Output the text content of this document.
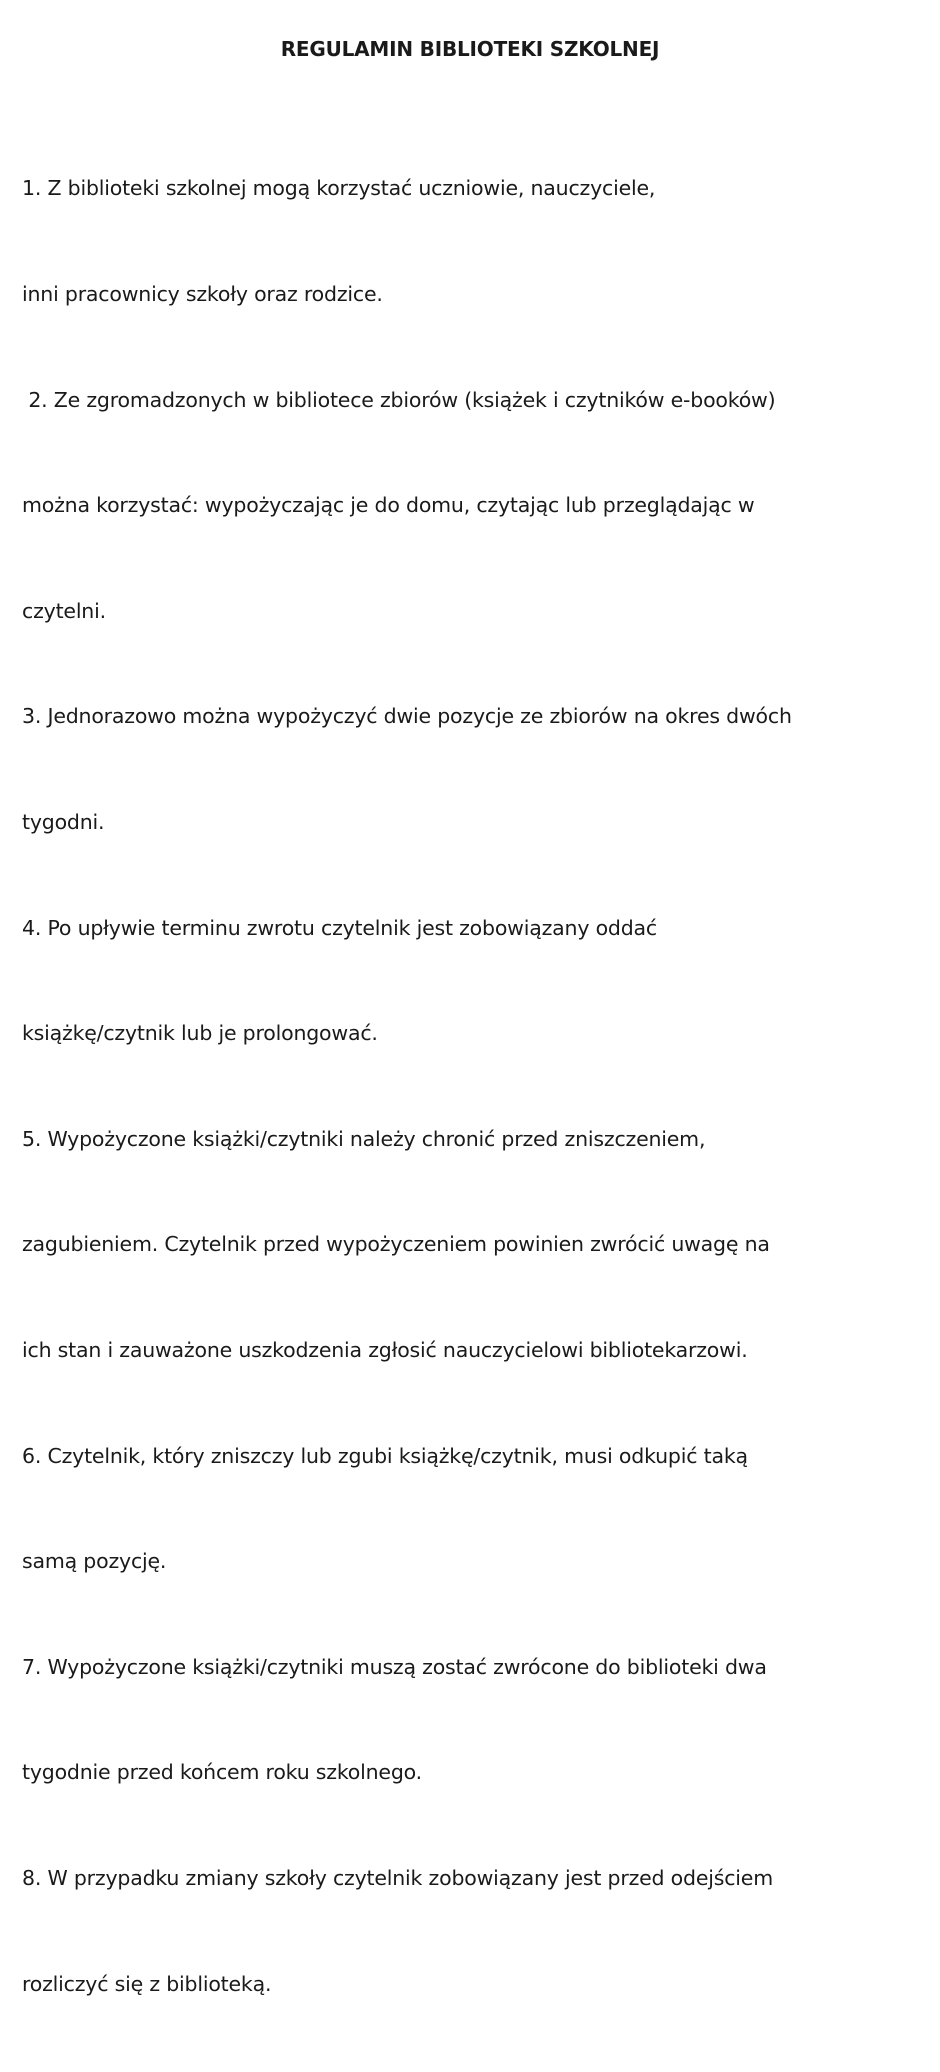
REGULAMIN BIBLIOTEKI SZKOLNEJ

1. Z biblioteki szkolnej mogą korzystać uczniowie, nauczyciele,

inni pracownicy szkoły oraz rodzice.

2. Ze zgromadzonych w bibliotece zbiorów (książek i czytników e-booków)

można korzystać: wypożyczając je do domu, czytając lub przeglądając w

czytelni.

3. Jednorazowo można wypożyczyć dwie pozycje ze zbiorów na okres dwóch

tygodni.

4. Po upływie terminu zwrotu czytelnik jest zobowiązany oddać

książkę/czytnik lub je prolongować.

5. Wypożyczone książki/czytniki należy chronić przed zniszczeniem,

zagubieniem. Czytelnik przed wypożyczeniem powinien zwrócić uwagę na

ich stan i zauważone uszkodzenia zgłosić nauczycielowi bibliotekarzowi.

6. Czytelnik, który zniszczy lub zgubi książkę/czytnik, musi odkupić taką

samą pozycję.

7. Wypożyczone książki/czytniki muszą zostać zwrócone do biblioteki dwa

tygodnie przed końcem roku szkolnego.

8. W przypadku zmiany szkoły czytelnik zobowiązany jest przed odejściem

rozliczyć się z biblioteką.
